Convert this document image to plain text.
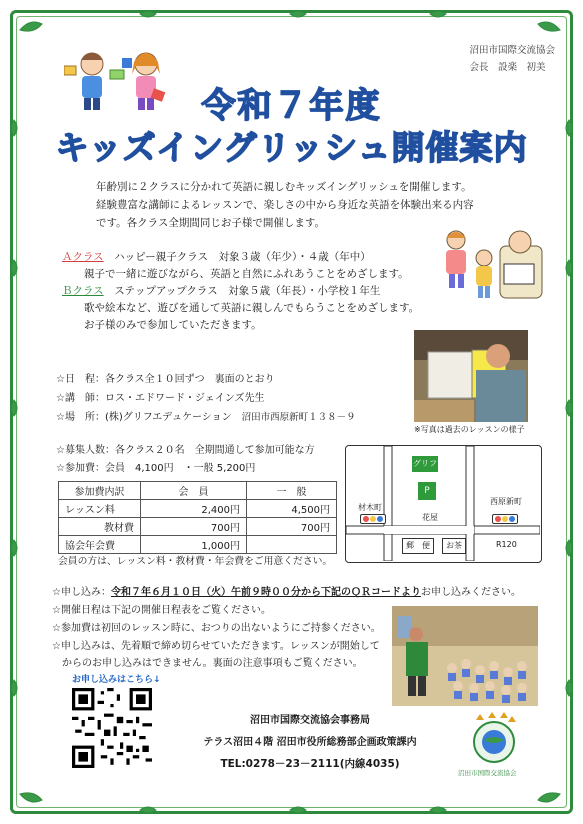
沼田市国際交流協会
会長　 設楽　初美
令和７年度
キッズイングリッシュ開催案内
年齢別に２クラスに分かれて英語に親しむキッズイングリッシュを開催します。
経験豊富な講師によるレッスンで、楽しさの中から身近な英語を体験出来る内容
です。各クラス全期間同じお子様で開催します。
Ａクラス　 ハッピー親子クラス　 対象３歳（年少）・４歳（年中）
親子で一緒に遊びながら、英語と自然にふれあうことをめざします。
Ｂクラス　 ステップアップクラス　 対象５歳（年長）・小学校１年生
歌や絵本など、遊びを通して英語に親しんでもらうことをめざします。
お子様のみで参加していただきます。
※写真は過去のレッスンの様子
☆日　程：各クラス全１０回ずつ　 裏面のとおり
☆講　師：ロス・エドワード・ジェインズ先生
☆場　所：(株)グリフエデュケーション　 沼田市西原新町１３８－９
☆募集人数：各クラス２０名　全期間通して参加可能な方
☆参加費：会員　4,100円　・一般 5,200円
参加費内訳	会　員	一　般
レッスン料	2,400円	4,500円
教材費	700円	700円
協会年会費	1,000円	
会員の方は、レッスン料・教材費・年会費をご用意ください。
グリフ
P
材木町
西原新町
花屋
郵　便	お茶	R120
☆申し込み：令和７年６月１０日（火）午前９時００分から下記のＱＲコードよりお申し込みください。
☆開催日程は下記の開催日程表をご覧ください。
☆参加費は初回のレッスン時に、おつりの出ないようにご持参ください。
☆申し込みは、先着順で締め切らせていただきます。レッスンが開始して
　からのお申し込みはできません。裏面の注意事項もご覧ください。
お申し込みはこちら↓
沼田市国際交流協会事務局
テラス沼田４階 沼田市役所総務部企画政策課内
TEL:0278－23－2111(内線4035)
沼田市国際交流協会
